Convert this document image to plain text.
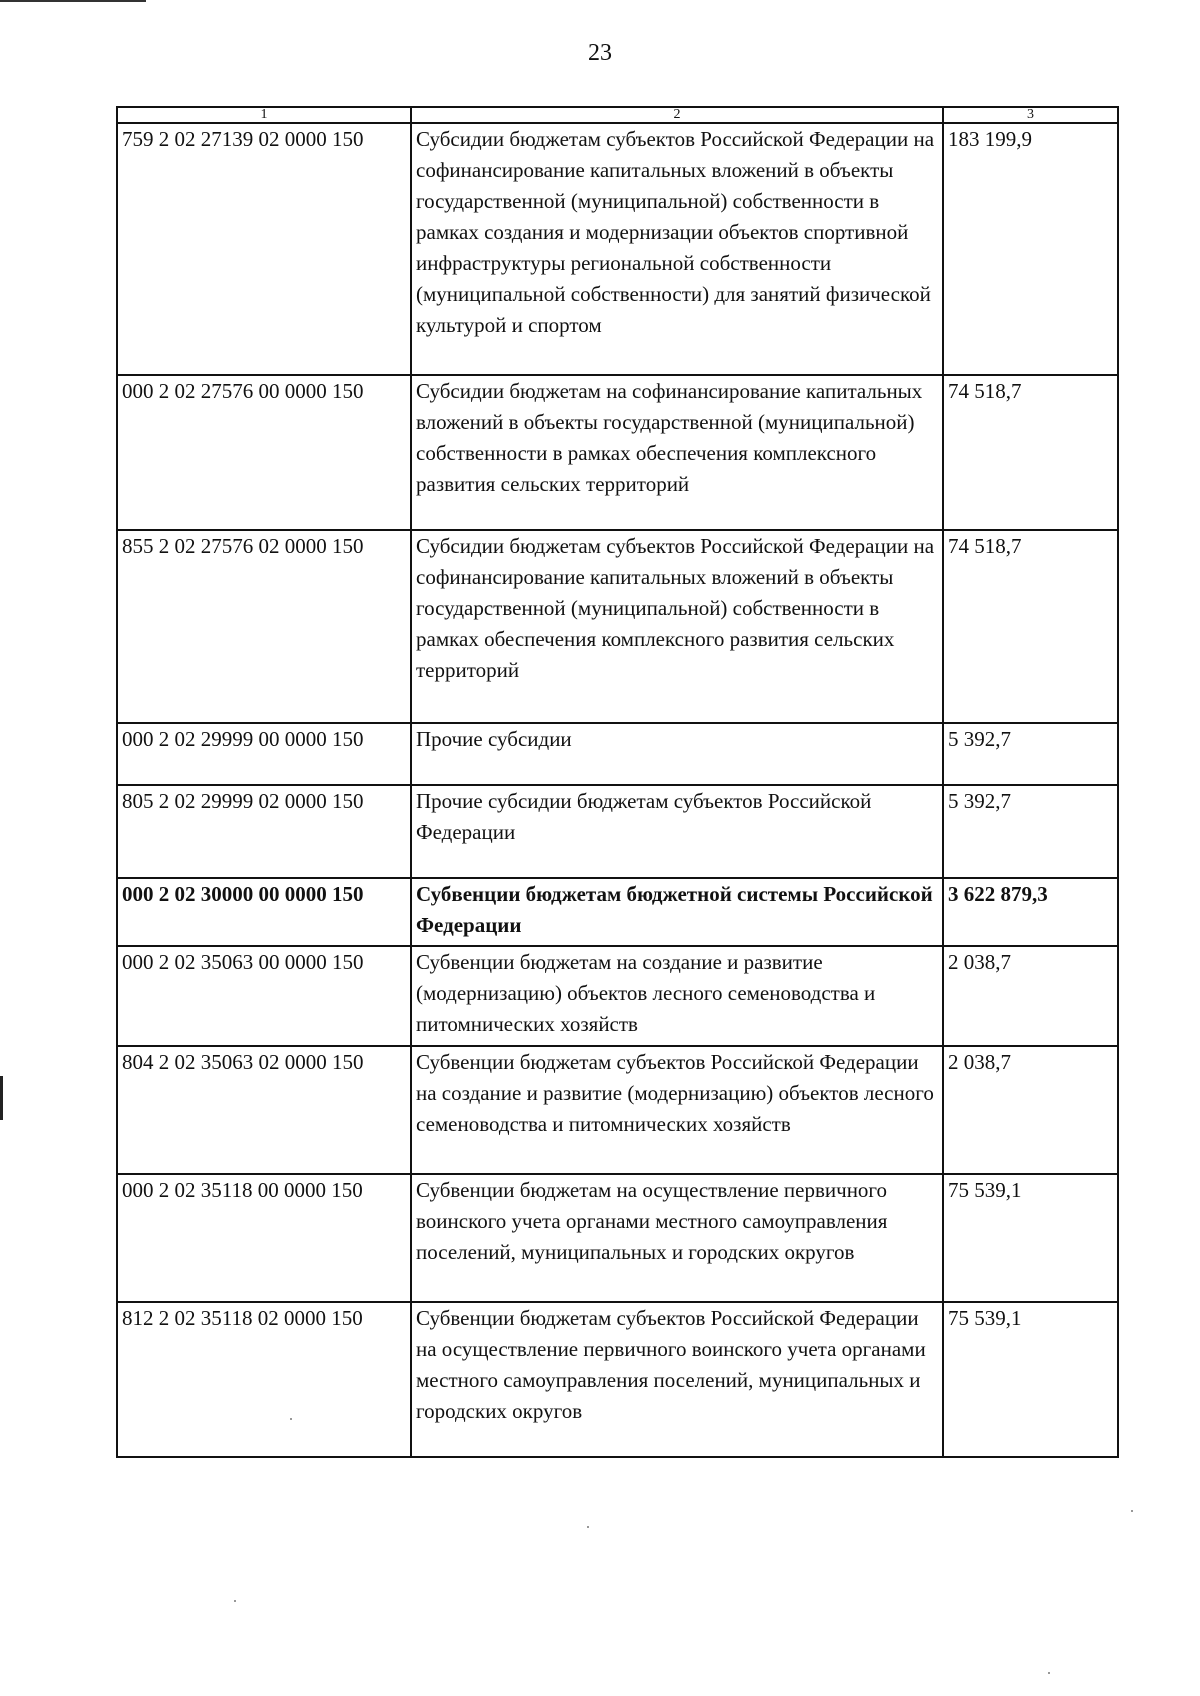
23
1	2	3
759 2 02 27139 02 0000 150	Субсидии бюджетам субъектов Российской Федерации на софинансирование капитальных вложений в объекты государственной (муниципальной) собственности в рамках создания и модернизации объектов спортивной инфраструктуры региональной собственности (муниципальной собственности) для занятий физической культурой и спортом	183 199,9
000 2 02 27576 00 0000 150	Субсидии бюджетам на софинансирование капитальных вложений в объекты государственной (муниципальной) собственности в рамках обеспечения комплексного развития сельских территорий	74 518,7
855 2 02 27576 02 0000 150	Субсидии бюджетам субъектов Российской Федерации на софинансирование капитальных вложений в объекты государственной (муниципальной) собственности в рамках обеспечения комплексного развития сельских территорий	74 518,7
000 2 02 29999 00 0000 150	Прочие субсидии	5 392,7
805 2 02 29999 02 0000 150	Прочие субсидии бюджетам субъектов Российской Федерации	5 392,7
000 2 02 30000 00 0000 150	Субвенции бюджетам бюджетной системы Российской Федерации	3 622 879,3
000 2 02 35063 00 0000 150	Субвенции бюджетам на создание и развитие (модернизацию) объектов лесного семеноводства и питомнических хозяйств	2 038,7
804 2 02 35063 02 0000 150	Субвенции бюджетам субъектов Российской Федерации на создание и развитие (модернизацию) объектов лесного семеноводства и питомнических хозяйств	2 038,7
000 2 02 35118 00 0000 150	Субвенции бюджетам на осуществление первичного воинского учета органами местного самоуправления поселений, муниципальных и городских округов	75 539,1
812 2 02 35118 02 0000 150	Субвенции бюджетам субъектов Российской Федерации на осуществление первичного воинского учета органами местного самоуправления поселений, муниципальных и городских округов	75 539,1
